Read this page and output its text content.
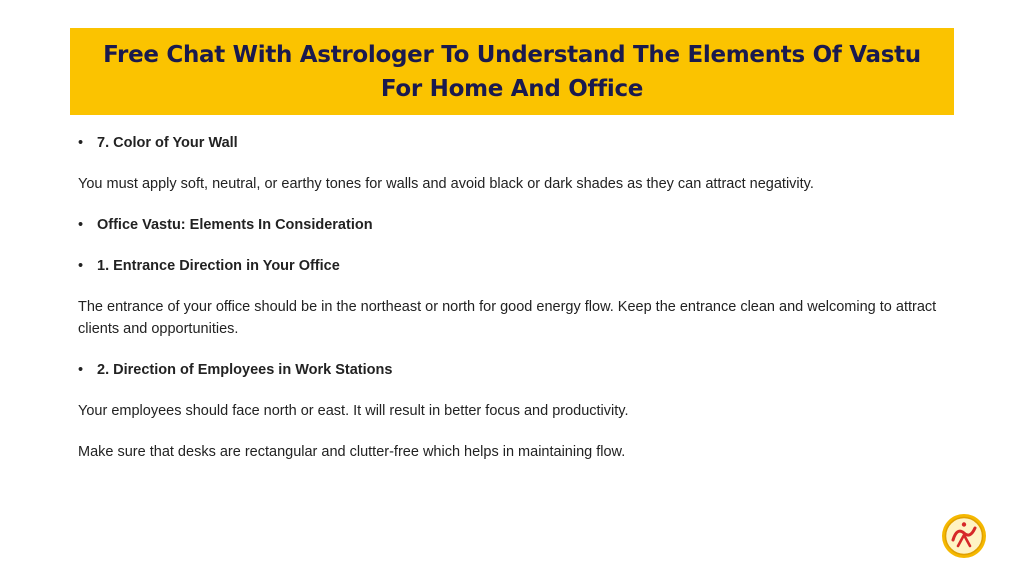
Free Chat With Astrologer To Understand The Elements Of Vastu For Home And Office
• 7. Color of Your Wall

You must apply soft, neutral, or earthy tones for walls and avoid black or dark shades as they can attract negativity.

• Office Vastu: Elements In Consideration
• 1. Entrance Direction in Your Office

The entrance of your office should be in the northeast or north for good energy flow. Keep the entrance clean and welcoming to attract clients and opportunities.

• 2. Direction of Employees in Work Stations

Your employees should face north or east. It will result in better focus and productivity.

Make sure that desks are rectangular and clutter-free which helps in maintaining flow.
